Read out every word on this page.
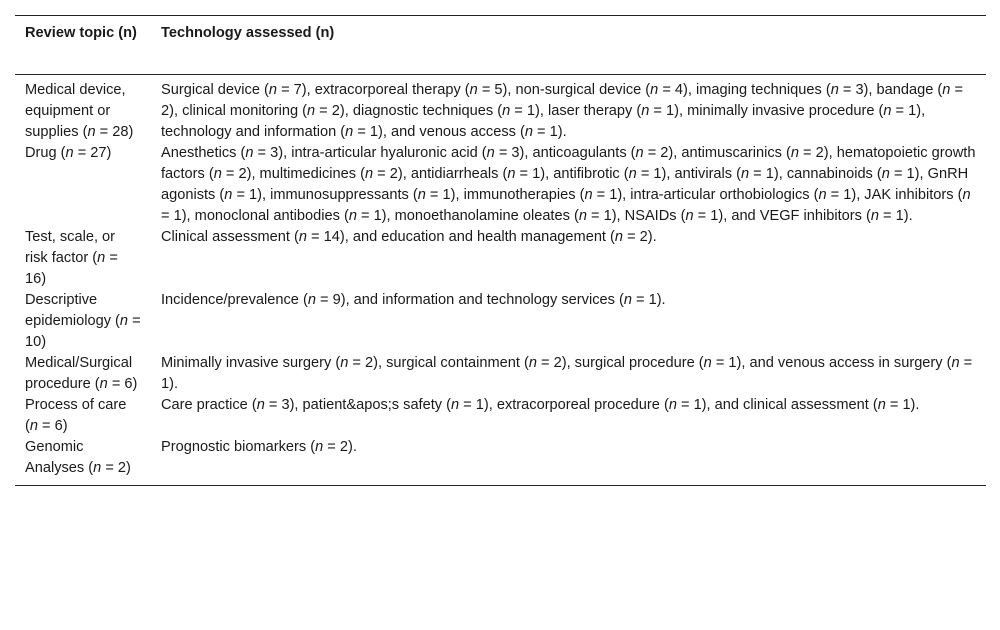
Review topic (n)	Technology assessed (n)
Medical device, equipment or supplies (n = 28)	Surgical device (n = 7), extracorporeal therapy (n = 5), non-surgical device (n = 4), imaging techniques (n = 3), bandage (n = 2), clinical monitoring (n = 2), diagnostic techniques (n = 1), laser therapy (n = 1), minimally invasive procedure (n = 1), technology and information (n = 1), and venous access (n = 1).
Drug (n = 27)	Anesthetics (n = 3), intra-articular hyaluronic acid (n = 3), anticoagulants (n = 2), antimuscarinics (n = 2), hematopoietic growth factors (n = 2), multimedicines (n = 2), antidiarrheals (n = 1), antifibrotic (n = 1), antivirals (n = 1), cannabinoids (n = 1), GnRH agonists (n = 1), immunosuppressants (n = 1), immunotherapies (n = 1), intra-articular orthobiologics (n = 1), JAK inhibitors (n = 1), monoclonal antibodies (n = 1), monoethanolamine oleates (n = 1), NSAIDs (n = 1), and VEGF inhibitors (n = 1).
Test, scale, or risk factor (n = 16)	Clinical assessment (n = 14), and education and health management (n = 2).
Descriptive epidemiology (n = 10)	Incidence/prevalence (n = 9), and information and technology services (n = 1).
Medical/Surgical procedure (n = 6)	Minimally invasive surgery (n = 2), surgical containment (n = 2), surgical procedure (n = 1), and venous access in surgery (n = 1).
Process of care (n = 6)	Care practice (n = 3), patient&apos;s safety (n = 1), extracorporeal procedure (n = 1), and clinical assessment (n = 1).
Genomic Analyses (n = 2)	Prognostic biomarkers (n = 2).
